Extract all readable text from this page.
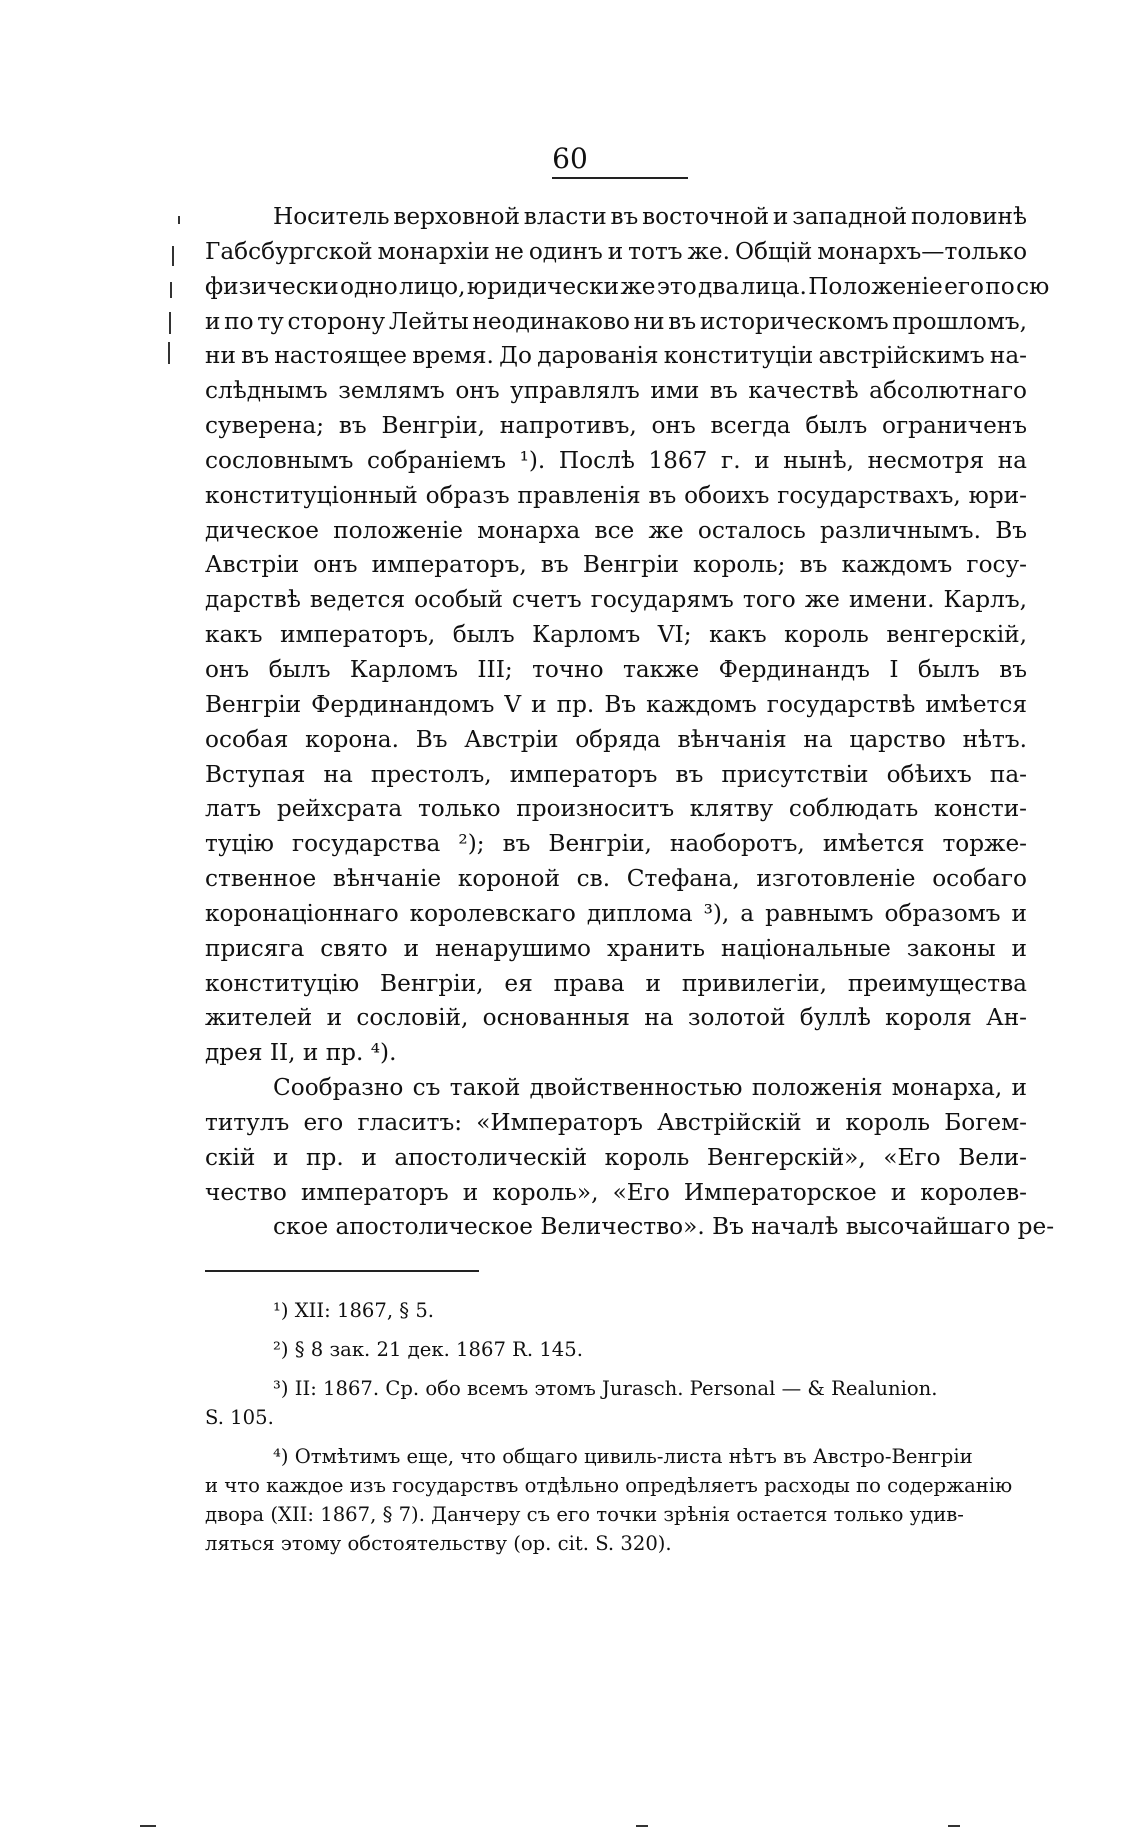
60

Носитель верховной власти въ восточной и западной половинѣ
Габсбургской монархіи не одинъ и тотъ же. Общій монархъ—только
физически одно лицо, юридически же это два лица. Положеніе его по сю
и по ту сторону Лейты неодинаково ни въ историческомъ прошломъ,
ни въ настоящее время. До дарованія конституціи австрійскимъ на-
слѣднымъ землямъ онъ управлялъ ими въ качествѣ абсолютнаго
суверена; въ Венгріи, напротивъ, онъ всегда былъ ограниченъ
сословнымъ собраніемъ ¹). Послѣ 1867 г. и нынѣ, несмотря на
конституціонный образъ правленія въ обоихъ государствахъ, юри-
дическое положеніе монарха все же осталось различнымъ. Въ
Австріи онъ императоръ, въ Венгріи король; въ каждомъ госу-
дарствѣ ведется особый счетъ государямъ того же имени. Карлъ,
какъ императоръ, былъ Карломъ VI; какъ король венгерскій,
онъ былъ Карломъ III; точно также Фердинандъ I былъ въ
Венгріи Фердинандомъ V и пр. Въ каждомъ государствѣ имѣется
особая корона. Въ Австріи обряда вѣнчанія на царство нѣтъ.
Вступая на престолъ, императоръ въ присутствіи обѣихъ па-
латъ рейхсрата только произноситъ клятву соблюдать консти-
туцію государства ²); въ Венгріи, наоборотъ, имѣется торже-
ственное вѣнчаніе короной св. Стефана, изготовленіе особаго
коронаціоннаго королевскаго диплома ³), а равнымъ образомъ и
присяга свято и ненарушимо хранить національные законы и
конституцію Венгріи, ея права и привилегіи, преимущества
жителей и сословій, основанныя на золотой буллѣ короля Ан-
дрея II, и пр. ⁴).

Сообразно съ такой двойственностью положенія монарха, и
титулъ его гласитъ: «Императоръ Австрійскій и король Богем-
скій и пр. и апостолическій король Венгерскій», «Его Вели-
чество императоръ и король», «Его Императорское и королев-
ское апостолическое Величество». Въ началѣ высочайшаго ре-

¹) XII: 1867, § 5.

²) § 8 зак. 21 дек. 1867 R. 145.

³) II: 1867. Ср. обо всемъ этомъ Jurasch. Personal — & Realunion.
S. 105.

⁴) Отмѣтимъ еще, что общаго цивиль-листа нѣтъ въ Австро-Венгріи
и что каждое изъ государствъ отдѣльно опредѣляетъ расходы по содержанію
двора (XII: 1867, § 7). Данчеру съ его точки зрѣнія остается только удив-
ляться этому обстоятельству (op. cit. S. 320).
